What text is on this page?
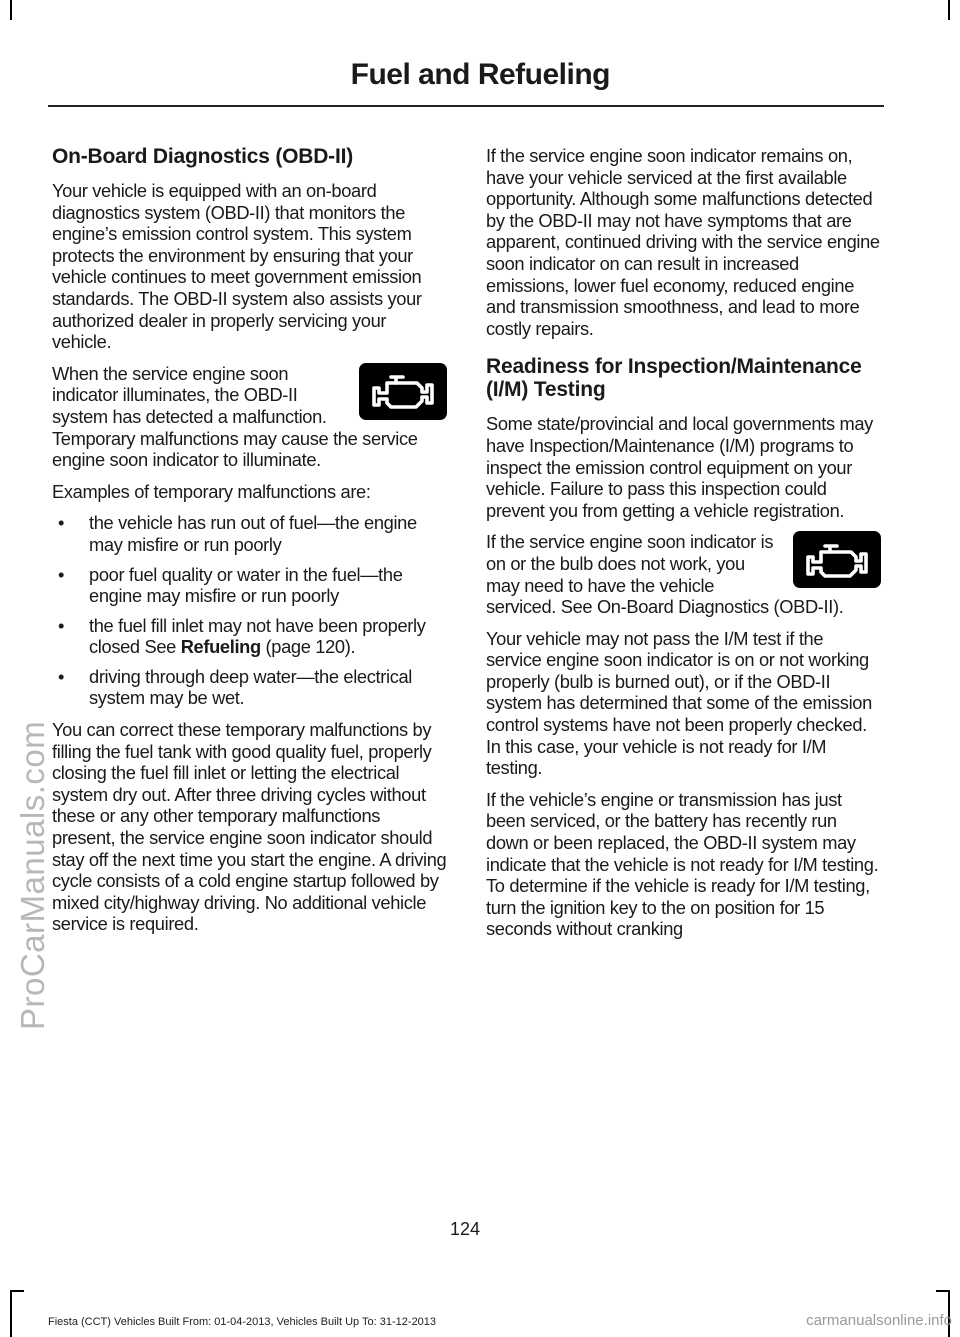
Fuel and Refueling
ProCarManuals.com
On-Board Diagnostics (OBD-II)

Your vehicle is equipped with an on-board diagnostics system (OBD-II) that monitors the engine’s emission control system. This system protects the environment by ensuring that your vehicle continues to meet government emission standards. The OBD-II system also assists your authorized dealer in properly servicing your vehicle.

When the service engine soon indicator illuminates, the OBD-II system has detected a malfunction. Temporary malfunctions may cause the service engine soon indicator to illuminate.

Examples of temporary malfunctions are:

• the vehicle has run out of fuel—the engine may misfire or run poorly
• poor fuel quality or water in the fuel—the engine may misfire or run poorly
• the fuel fill inlet may not have been properly closed See Refueling (page 120).
• driving through deep water—the electrical system may be wet.

You can correct these temporary malfunctions by filling the fuel tank with good quality fuel, properly closing the fuel fill inlet or letting the electrical system dry out. After three driving cycles without these or any other temporary malfunctions present, the service engine soon indicator should stay off the next time you start the engine. A driving cycle consists of a cold engine startup followed by mixed city/highway driving. No additional vehicle service is required.

If the service engine soon indicator remains on, have your vehicle serviced at the first available opportunity. Although some malfunctions detected by the OBD-II may not have symptoms that are apparent, continued driving with the service engine soon indicator on can result in increased emissions, lower fuel economy, reduced engine and transmission smoothness, and lead to more costly repairs.

Readiness for Inspection/Maintenance (I/M) Testing

Some state/provincial and local governments may have Inspection/Maintenance (I/M) programs to inspect the emission control equipment on your vehicle. Failure to pass this inspection could prevent you from getting a vehicle registration.

If the service engine soon indicator is on or the bulb does not work, you may need to have the vehicle serviced. See On-Board Diagnostics (OBD-II).

Your vehicle may not pass the I/M test if the service engine soon indicator is on or not working properly (bulb is burned out), or if the OBD-II system has determined that some of the emission control systems have not been properly checked. In this case, your vehicle is not ready for I/M testing.

If the vehicle’s engine or transmission has just been serviced, or the battery has recently run down or been replaced, the OBD-II system may indicate that the vehicle is not ready for I/M testing. To determine if the vehicle is ready for I/M testing, turn the ignition key to the on position for 15 seconds without cranking

124
Fiesta (CCT) Vehicles Built From: 01-04-2013, Vehicles Built Up To: 31-12-2013	carmanualsonline.info
